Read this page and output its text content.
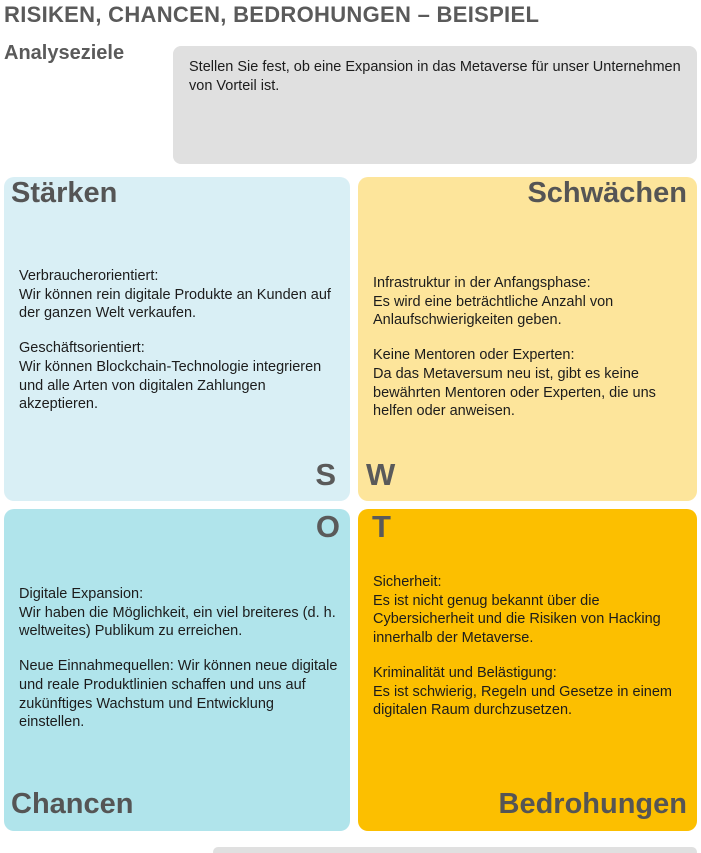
RISIKEN, CHANCEN, BEDROHUNGEN – BEISPIEL
Analyseziele
Stellen Sie fest, ob eine Expansion in das Metaverse für unser Unternehmen von Vorteil ist.
Stärken
Verbraucherorientiert:
Wir können rein digitale Produkte an Kunden auf der ganzen Welt verkaufen.
Geschäftsorientiert:
Wir können Blockchain-Technologie integrieren und alle Arten von digitalen Zahlungen akzeptieren.
S
Schwächen
Infrastruktur in der Anfangsphase:
Es wird eine beträchtliche Anzahl von Anlaufschwierigkeiten geben.
Keine Mentoren oder Experten:
Da das Metaversum neu ist, gibt es keine bewährten Mentoren oder Experten, die uns helfen oder anweisen.
W
O
Digitale Expansion:
Wir haben die Möglichkeit, ein viel breiteres (d. h. weltweites) Publikum zu erreichen.
Neue Einnahmequellen: Wir können neue digitale und reale Produktlinien schaffen und uns auf zukünftiges Wachstum und Entwicklung einstellen.
Chancen
T
Sicherheit:
Es ist nicht genug bekannt über die Cybersicherheit und die Risiken von Hacking innerhalb der Metaverse.
Kriminalität und Belästigung:
Es ist schwierig, Regeln und Gesetze in einem digitalen Raum durchzusetzen.
Bedrohungen
